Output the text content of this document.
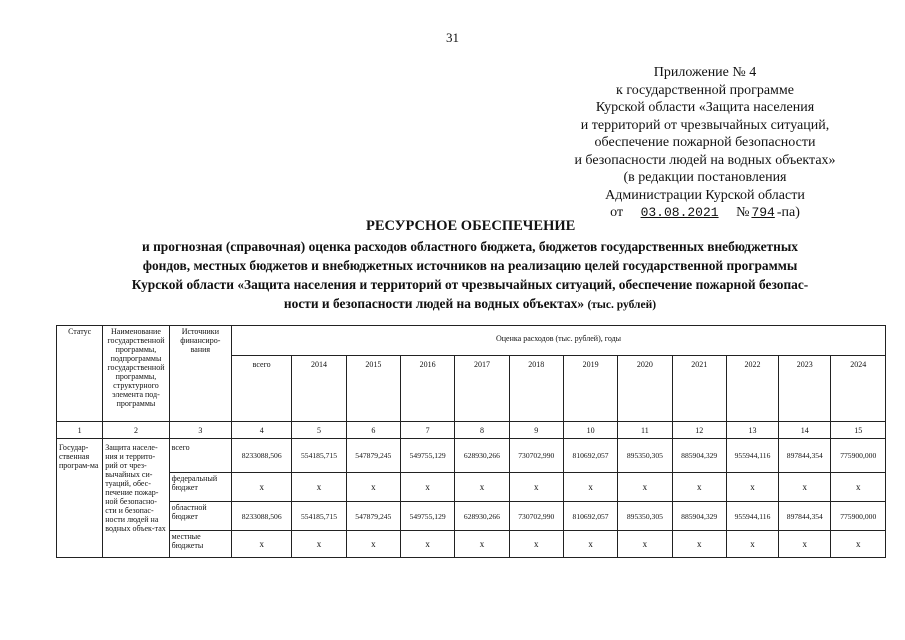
31
Приложение № 4
к государственной программе
Курской области «Защита населения
и территорий от чрезвычайных ситуаций,
обеспечение пожарной безопасности
и безопасности людей на водных объектах»
(в редакции постановления
Администрации Курской области
от 03.08.2021 № 794 -па)
РЕСУРСНОЕ ОБЕСПЕЧЕНИЕ
и прогнозная (справочная) оценка расходов областного бюджета, бюджетов государственных внебюджетных
фондов, местных бюджетов и внебюджетных источников на реализацию целей государственной программы
Курской области «Защита населения и территорий от чрезвычайных ситуаций, обеспечение пожарной безопас-
ности и безопасности людей на водных объектах» (тыс. рублей)
Статус	Наименование государственной программы, подпрограммы государственной программы, структурного элемента под-программы	Источники финансиро-вания	Оценка расходов (тыс. рублей), годы											
			всего	2014	2015	2016	2017	2018	2019	2020	2021	2022	2023	2024
1	2	3	4	5	6	7	8	9	10	11	12	13	14	15
Государ-ственная програм-ма	Защита населе-ния и террито-рий от чрез-вычайных си-туаций, обес-печение пожар-ной безопасно-сти и безопас-ности людей на водных объек-тах	всего	8233088,506	554185,715	547879,245	549755,129	628930,266	730702,990	810692,057	895350,305	885904,329	955944,116	897844,354	775900,000
		федеральный бюджет	x	x	x	x	x	x	x	x	x	x	x	x
		областной бюджет	8233088,506	554185,715	547879,245	549755,129	628930,266	730702,990	810692,057	895350,305	885904,329	955944,116	897844,354	775900,000
		местные бюджеты	x	x	x	x	x	x	x	x	x	x	x	x
